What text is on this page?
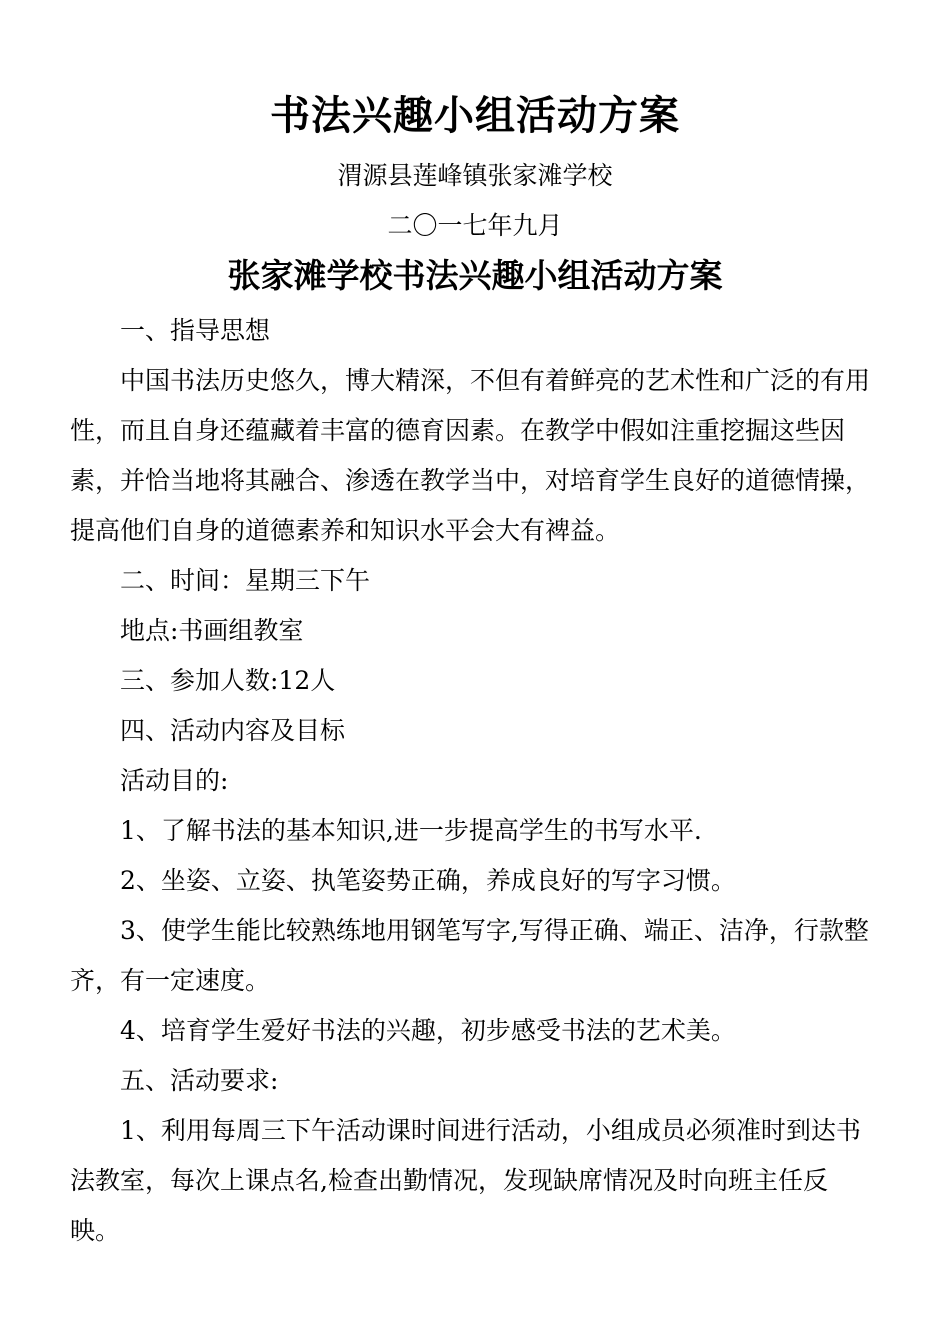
书法兴趣小组活动方案
渭源县莲峰镇张家滩学校
二〇一七年九月
张家滩学校书法兴趣小组活动方案

一、指导思想

中国书法历史悠久，博大精深，不但有着鲜亮的艺术性和广泛的有用性，而且自身还蕴藏着丰富的德育因素。在教学中假如注重挖掘这些因素，并恰当地将其融合、渗透在教学当中，对培育学生良好的道德情操，提高他们自身的道德素养和知识水平会大有裨益。

二、时间：星期三下午

地点:书画组教室

三、参加人数:12人

四、活动内容及目标

活动目的:

1、了解书法的基本知识,进一步提高学生的书写水平.

2、坐姿、立姿、执笔姿势正确，养成良好的写字习惯。

3、使学生能比较熟练地用钢笔写字,写得正确、端正、洁净，行款整齐，有一定速度。

4、培育学生爱好书法的兴趣，初步感受书法的艺术美。

五、活动要求:

1、利用每周三下午活动课时间进行活动，小组成员必须准时到达书法教室，每次上课点名,检查出勤情况，发现缺席情况及时向班主任反映。
